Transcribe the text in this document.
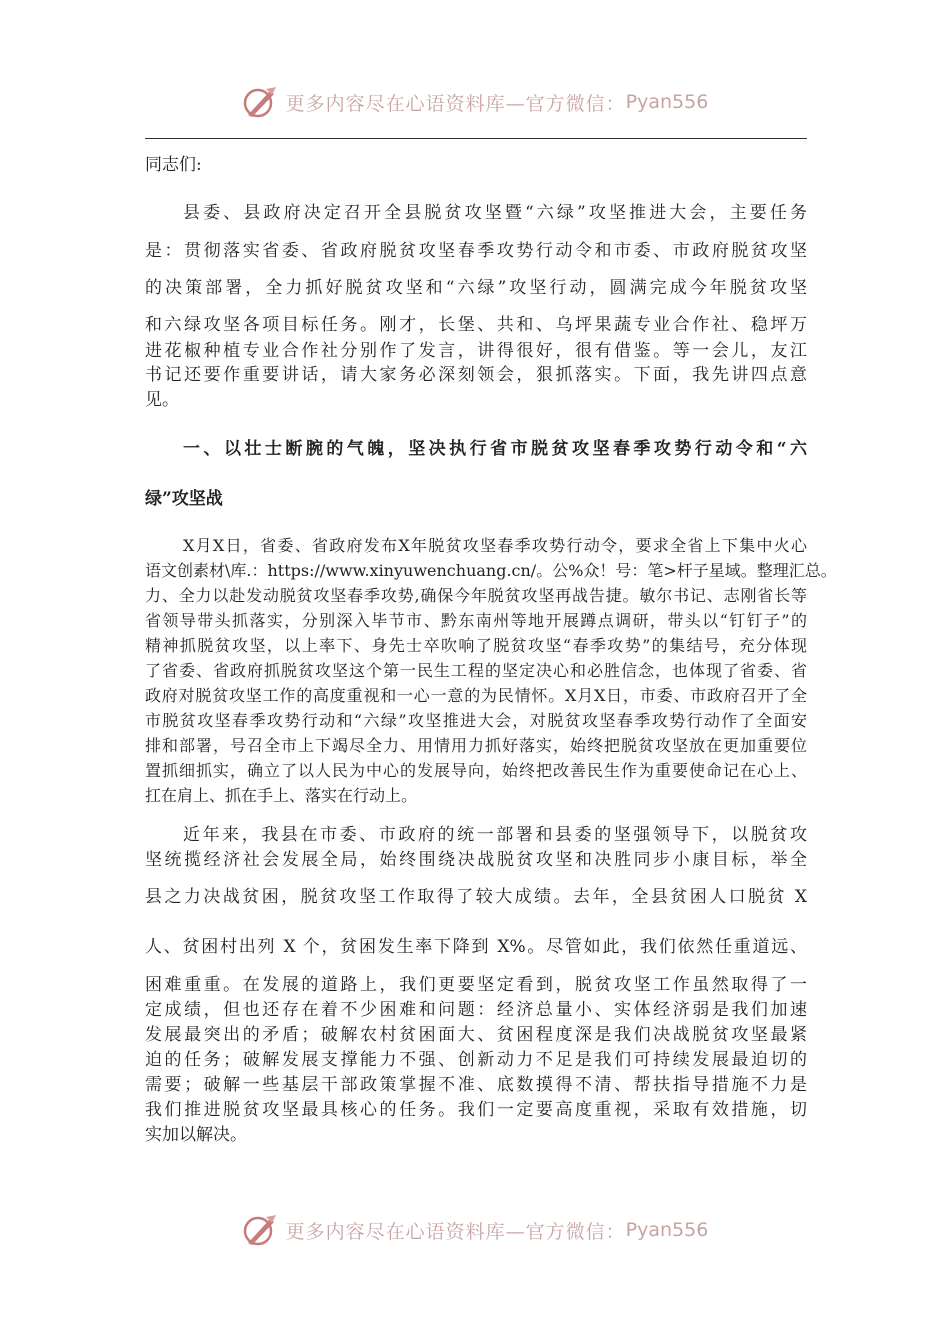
更多内容尽在心语资料库—官方微信： Pyan556
同志们:
县委、县政府决定召开全县脱贫攻坚暨“六绿”攻坚推进大会，主要任务
是：贯彻落实省委、省政府脱贫攻坚春季攻势行动令和市委、市政府脱贫攻坚
的决策部署，全力抓好脱贫攻坚和“六绿”攻坚行动，圆满完成今年脱贫攻坚
和六绿攻坚各项目标任务。刚才，长堡、共和、乌坪果蔬专业合作社、稳坪万
进花椒种植专业合作社分别作了发言，讲得很好，很有借鉴。等一会儿，友江
书记还要作重要讲话，请大家务必深刻领会，狠抓落实。下面，我先讲四点意
见。
一、以壮士断腕的气魄，坚决执行省市脱贫攻坚春季攻势行动令和“六
绿”攻坚战
X月X日，省委、省政府发布X年脱贫攻坚春季攻势行动令，要求全省上下集中火心
语文创素材\库.：https://www.xinyuwenchuang.cn/。公%众！号：笔>杆子星域。整理汇总。
力、全力以赴发动脱贫攻坚春季攻势,确保今年脱贫攻坚再战告捷。敏尔书记、志刚省长等
省领导带头抓落实，分别深入毕节市、黔东南州等地开展蹲点调研，带头以“钉钉子”的
精神抓脱贫攻坚，以上率下、身先士卒吹响了脱贫攻坚“春季攻势”的集结号，充分体现
了省委、省政府抓脱贫攻坚这个第一民生工程的坚定决心和必胜信念，也体现了省委、省
政府对脱贫攻坚工作的高度重视和一心一意的为民情怀。X月X日，市委、市政府召开了全
市脱贫攻坚春季攻势行动和“六绿”攻坚推进大会，对脱贫攻坚春季攻势行动作了全面安
排和部署，号召全市上下竭尽全力、用情用力抓好落实，始终把脱贫攻坚放在更加重要位
置抓细抓实，确立了以人民为中心的发展导向，始终把改善民生作为重要使命记在心上、
扛在肩上、抓在手上、落实在行动上。
近年来，我县在市委、市政府的统一部署和县委的坚强领导下，以脱贫攻
坚统揽经济社会发展全局，始终围绕决战脱贫攻坚和决胜同步小康目标，举全
县之力决战贫困，脱贫攻坚工作取得了较大成绩。去年，全县贫困人口脱贫 X
人、贫困村出列 X 个，贫困发生率下降到 X%。尽管如此，我们依然任重道远、
困难重重。在发展的道路上，我们更要坚定看到，脱贫攻坚工作虽然取得了一
定成绩，但也还存在着不少困难和问题：经济总量小、实体经济弱是我们加速
发展最突出的矛盾；破解农村贫困面大、贫困程度深是我们决战脱贫攻坚最紧
迫的任务；破解发展支撑能力不强、创新动力不足是我们可持续发展最迫切的
需要；破解一些基层干部政策掌握不准、底数摸得不清、帮扶指导措施不力是
我们推进脱贫攻坚最具核心的任务。我们一定要高度重视，采取有效措施，切
实加以解决。
更多内容尽在心语资料库—官方微信： Pyan556
